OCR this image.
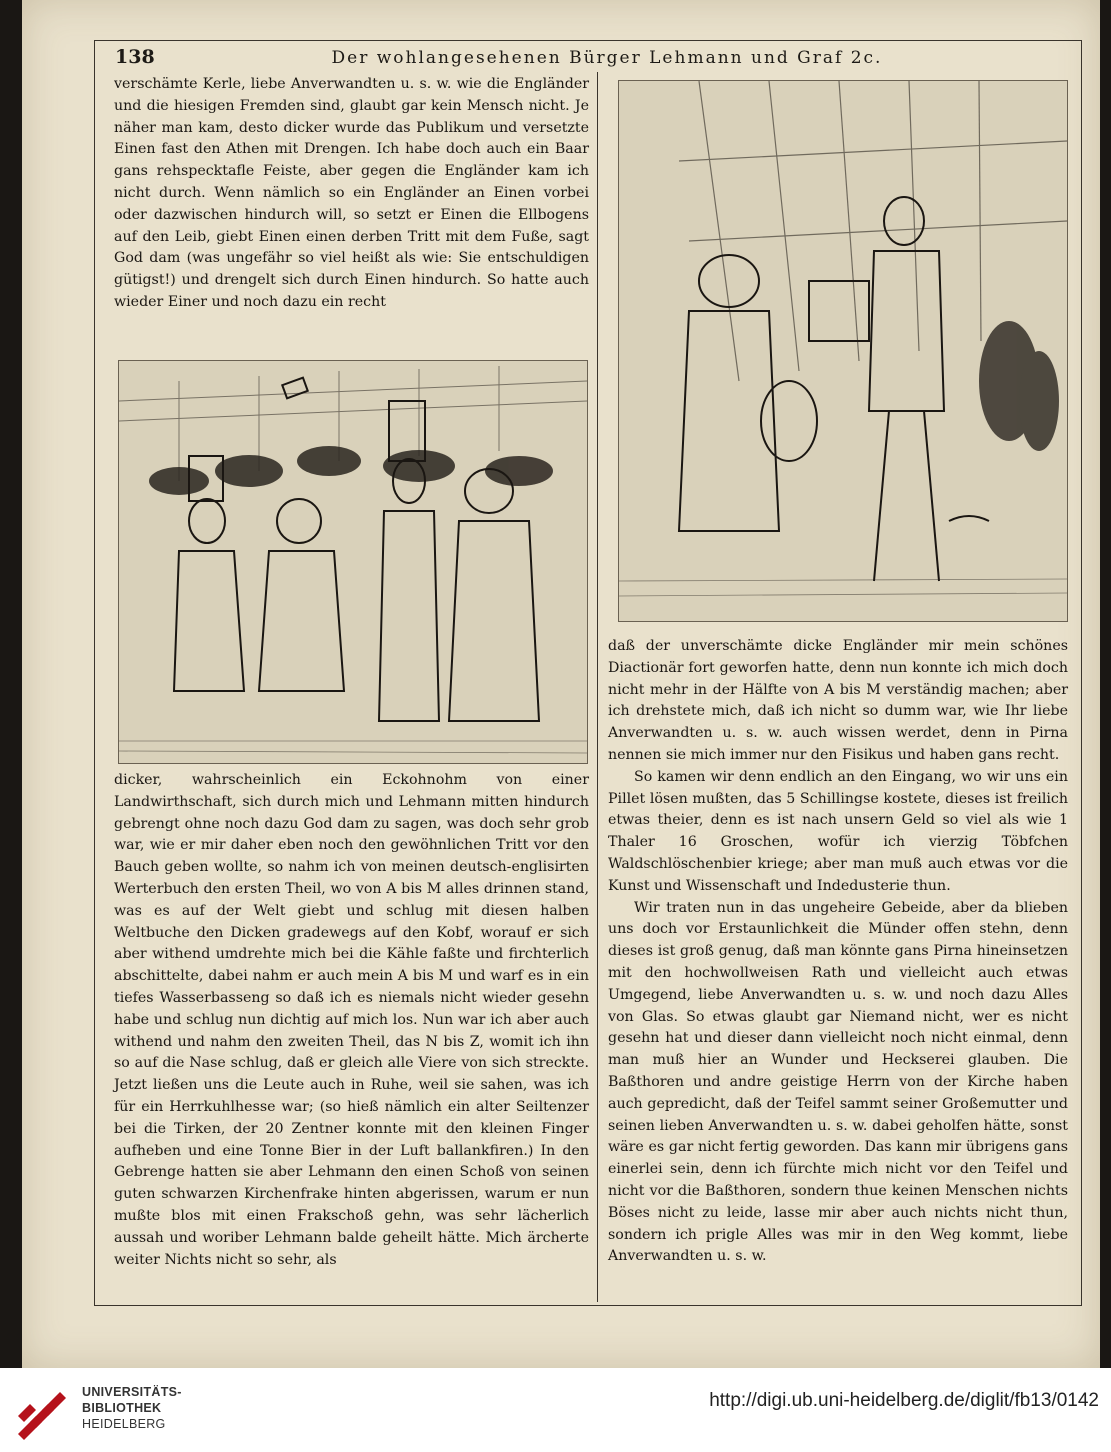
138	Der wohlangesehenen Bürger Lehmann und Graf 2c.

verschämte Kerle, liebe Anverwandten u. s. w. wie die Engländer und die hiesigen Fremden sind, glaubt gar kein Mensch nicht. Je näher man kam, desto dicker wurde das Publikum und versetzte Einen fast den Athen mit Drengen. Ich habe doch auch ein Baar gans rehspecktafle Feiste, aber gegen die Engländer kam ich nicht durch. Wenn nämlich so ein Engländer an Einen vorbei oder dazwischen hindurch will, so setzt er Einen die Ellbogens auf den Leib, giebt Einen einen derben Tritt mit dem Fuße, sagt God dam (was ungefähr so viel heißt als wie: Sie entschuldigen gütigst!) und drengelt sich durch Einen hindurch. So hatte auch wieder Einer und noch dazu ein recht

dicker, wahrscheinlich ein Eckohnohm von einer Landwirthschaft, sich durch mich und Lehmann mitten hindurch gebrengt ohne noch dazu God dam zu sagen, was doch sehr grob war, wie er mir daher eben noch den gewöhnlichen Tritt vor den Bauch geben wollte, so nahm ich von meinen deutsch-englisirten Werterbuch den ersten Theil, wo von A bis M alles drinnen stand, was es auf der Welt giebt und schlug mit diesen halben Weltbuche den Dicken gradewegs auf den Kobf, worauf er sich aber withend umdrehte mich bei die Kähle faßte und firchterlich abschittelte, dabei nahm er auch mein A bis M und warf es in ein tiefes Wasserbasseng so daß ich es niemals nicht wieder gesehn habe und schlug nun dichtig auf mich los. Nun war ich aber auch withend und nahm den zweiten Theil, das N bis Z, womit ich ihn so auf die Nase schlug, daß er gleich alle Viere von sich streckte. Jetzt ließen uns die Leute auch in Ruhe, weil sie sahen, was ich für ein Herrkuhlhesse war; (so hieß nämlich ein alter Seiltenzer bei die Tirken, der 20 Zentner konnte mit den kleinen Finger aufheben und eine Tonne Bier in der Luft ballankfiren.) In den Gebrenge hatten sie aber Lehmann den einen Schoß von seinen guten schwarzen Kirchenfrake hinten abgerissen, warum er nun mußte blos mit einen Frakschoß gehn, was sehr lächerlich aussah und woriber Lehmann balde geheilt hätte. Mich ärcherte weiter Nichts nicht so sehr, als

daß der unverschämte dicke Engländer mir mein schönes Diactionär fort geworfen hatte, denn nun konnte ich mich doch nicht mehr in der Hälfte von A bis M verständig machen; aber ich drehstete mich, daß ich nicht so dumm war, wie Ihr liebe Anverwandten u. s. w. auch wissen werdet, denn in Pirna nennen sie mich immer nur den Fisikus und haben gans recht.

So kamen wir denn endlich an den Eingang, wo wir uns ein Pillet lösen mußten, das 5 Schillingse kostete, dieses ist freilich etwas theier, denn es ist nach unsern Geld so viel als wie 1 Thaler 16 Groschen, wofür ich vierzig Töbfchen Waldschlöschenbier kriege; aber man muß auch etwas vor die Kunst und Wissenschaft und Indedusterie thun.

Wir traten nun in das ungeheire Gebeide, aber da blieben uns doch vor Erstaunlichkeit die Münder offen stehn, denn dieses ist groß genug, daß man könnte gans Pirna hineinsetzen mit den hochwollweisen Rath und vielleicht auch etwas Umgegend, liebe Anverwandten u. s. w. und noch dazu Alles von Glas. So etwas glaubt gar Niemand nicht, wer es nicht gesehn hat und dieser dann vielleicht noch nicht einmal, denn man muß hier an Wunder und Heckserei glauben. Die Baßthoren und andre geistige Herrn von der Kirche haben auch gepredicht, daß der Teifel sammt seiner Großemutter und seinen lieben Anverwandten u. s. w. dabei geholfen hätte, sonst wäre es gar nicht fertig geworden. Das kann mir übrigens gans einerlei sein, denn ich fürchte mich nicht vor den Teifel und nicht vor die Baßthoren, sondern thue keinen Menschen nichts Böses nicht zu leide, lasse mir aber auch nichts nicht thun, sondern ich prigle Alles was mir in den Weg kommt, liebe Anverwandten u. s. w.

UNIVERSITÄTS-
BIBLIOTHEK
HEIDELBERG
http://digi.ub.uni-heidelberg.de/diglit/fb13/0142
